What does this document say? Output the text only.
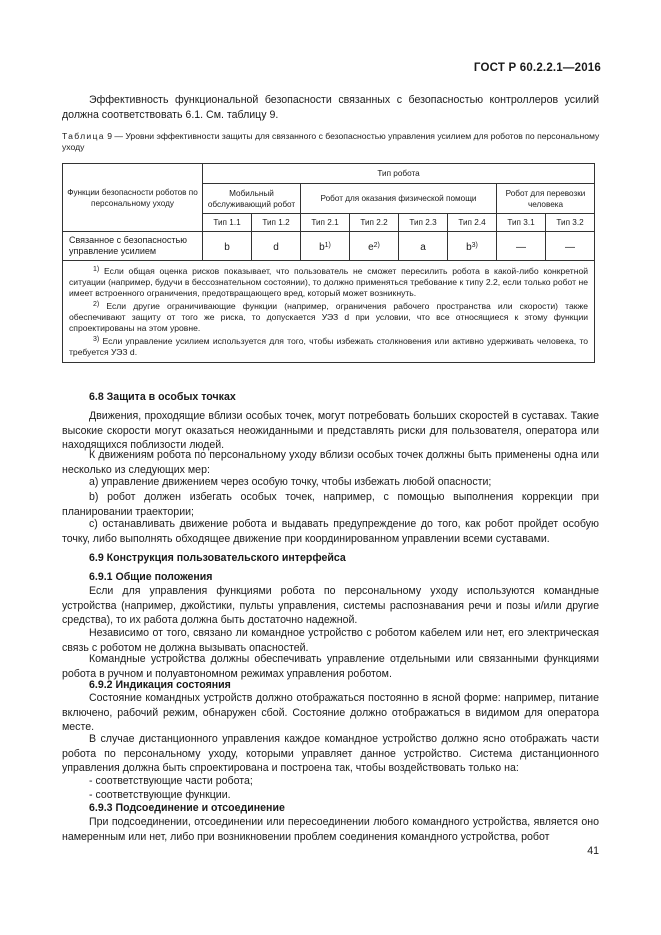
ГОСТ Р 60.2.2.1—2016
Эффективность функциональной безопасности связанных с безопасностью контроллеров усилий должна соответствовать 6.1. См. таблицу 9.
Таблица 9 — Уровни эффективности защиты для связанного с безопасностью управления усилием для роботов по персональному уходу
Функции безопасности роботов по персональному уходу	Тип робота							
	Мобильный обслуживающий робот		Робот для оказания физической помощи				Робот для перевозки человека	
	Тип 1.1	Тип 1.2	Тип 2.1	Тип 2.2	Тип 2.3	Тип 2.4	Тип 3.1	Тип 3.2
Связанное с безопасностью управление усилием	b	d	$b^{1)}$	$e^{2)}$	a	$b^{3)}$	—	—

$^{1)}$ Если общая оценка рисков показывает, что пользователь не сможет пересилить робота в какой-либо конкретной ситуации (например, будучи в бессознательном состоянии), то должно применяться требование к типу 2.2, если только робот не имеет встроенного ограничения, предотвращающего вред, который может возникнуть.
$^{2)}$ Если другие ограничивающие функции (например, ограничения рабочего пространства или скорости) также обеспечивают защиту от того же риска, то допускается УЭЗ d при условии, что все относящиеся к этому функции спроектированы на этом уровне.
$^{3)}$ Если управление усилием используется для того, чтобы избежать столкновения или активно удерживать человека, то требуется УЭЗ d.								
6.8 Защита в особых точках
Движения, проходящие вблизи особых точек, могут потребовать больших скоростей в суставах. Такие высокие скорости могут оказаться неожиданными и представлять риски для пользователя, оператора или находящихся поблизости людей.
К движениям робота по персональному уходу вблизи особых точек должны быть применены одна или несколько из следующих мер:
a) управление движением через особую точку, чтобы избежать любой опасности;
b) робот должен избегать особых точек, например, с помощью выполнения коррекции при планировании траектории;
c) останавливать движение робота и выдавать предупреждение до того, как робот пройдет особую точку, либо выполнять обходящее движение при координированном управлении всеми суставами.
6.9 Конструкция пользовательского интерфейса
6.9.1 Общие положения
Если для управления функциями робота по персональному уходу используются командные устройства (например, джойстики, пульты управления, системы распознавания речи и позы и/или другие средства), то их работа должна быть достаточно надежной.
Независимо от того, связано ли командное устройство с роботом кабелем или нет, его электрическая связь с роботом не должна вызывать опасностей.
Командные устройства должны обеспечивать управление отдельными или связанными функциями робота в ручном и полуавтономном режимах управления роботом.
6.9.2 Индикация состояния
Состояние командных устройств должно отображаться постоянно в ясной форме: например, питание включено, рабочий режим, обнаружен сбой. Состояние должно отображаться в видимом для оператора месте.
В случае дистанционного управления каждое командное устройство должно ясно отображать части робота по персональному уходу, которыми управляет данное устройство. Система дистанционного управления должна быть спроектирована и построена так, чтобы воздействовать только на:
- соответствующие части робота;
- соответствующие функции.
6.9.3 Подсоединение и отсоединение
При подсоединении, отсоединении или пересоединении любого командного устройства, является оно намеренным или нет, либо при возникновении проблем соединения командного устройства, робот
41
